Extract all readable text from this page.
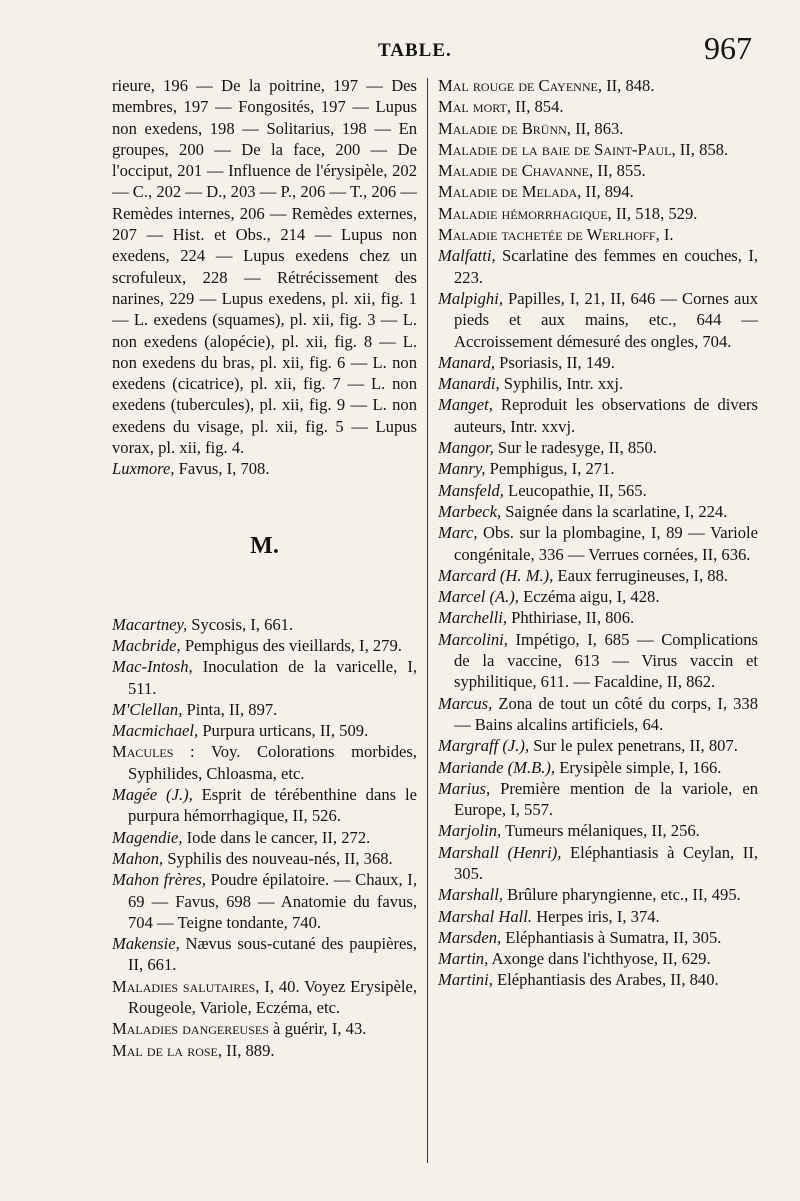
TABLE.	967

rieure, 196 — De la poitrine, 197 — Des membres, 197 — Fongosités, 197 — Lupus non exedens, 198 — Solitarius, 198 — En groupes, 200 — De la face, 200 — De l'occiput, 201 — Influence de l'érysipèle, 202 — C., 202 — D., 203 — P., 206 — T., 206 — Remèdes internes, 206 — Remèdes externes, 207 — Hist. et Obs., 214 — Lupus non exedens, 224 — Lupus exedens chez un scrofuleux, 228 — Rétrécissement des narines, 229 — Lupus exedens, pl. xii, fig. 1 — L. exedens (squames), pl. xii, fig. 3 — L. non exedens (alopécie), pl. xii, fig. 8 — L. non exedens du bras, pl. xii, fig. 6 — L. non exedens (cicatrice), pl. xii, fig. 7 — L. non exedens (tubercules), pl. xii, fig. 9 — L. non exedens du visage, pl. xii, fig. 5 — Lupus vorax, pl. xii, fig. 4.

Luxmore, Favus, I, 708.

M.

Macartney, Sycosis, I, 661.

Macbride, Pemphigus des vieillards, I, 279.

Mac-Intosh, Inoculation de la varicelle, I, 511.

M'Clellan, Pinta, II, 897.

Macmichael, Purpura urticans, II, 509.

Macules : Voy. Colorations morbides, Syphilides, Chloasma, etc.

Magée (J.), Esprit de térébenthine dans le purpura hémorrhagique, II, 526.

Magendie, Iode dans le cancer, II, 272.

Mahon, Syphilis des nouveau-nés, II, 368.

Mahon frères, Poudre épilatoire. — Chaux, I, 69 — Favus, 698 — Anatomie du favus, 704 — Teigne tondante, 740.

Makensie, Nævus sous-cutané des paupières, II, 661.

Maladies salutaires, I, 40. Voyez Erysipèle, Rougeole, Variole, Eczéma, etc.

Maladies dangereuses à guérir, I, 43.

Mal de la rose, II, 889.

Mal rouge de Cayenne, II, 848.

Mal mort, II, 854.

Maladie de Brünn, II, 863.

Maladie de la baie de Saint-Paul, II, 858.

Maladie de Chavanne, II, 855.

Maladie de Melada, II, 894.

Maladie hémorrhagique, II, 518, 529.

Maladie tachetée de Werlhoff, I.

Malfatti, Scarlatine des femmes en couches, I, 223.

Malpighi, Papilles, I, 21, II, 646 — Cornes aux pieds et aux mains, etc., 644 — Accroissement démesuré des ongles, 704.

Manard, Psoriasis, II, 149.

Manardi, Syphilis, Intr. xxj.

Manget, Reproduit les observations de divers auteurs, Intr. xxvj.

Mangor, Sur le radesyge, II, 850.

Manry, Pemphigus, I, 271.

Mansfeld, Leucopathie, II, 565.

Marbeck, Saignée dans la scarlatine, I, 224.

Marc, Obs. sur la plombagine, I, 89 — Variole congénitale, 336 — Verrues cornées, II, 636.

Marcard (H. M.), Eaux ferrugineuses, I, 88.

Marcel (A.), Eczéma aigu, I, 428.

Marchelli, Phthiriase, II, 806.

Marcolini, Impétigo, I, 685 — Complications de la vaccine, 613 — Virus vaccin et syphilitique, 611. — Facaldine, II, 862.

Marcus, Zona de tout un côté du corps, I, 338 — Bains alcalins artificiels, 64.

Margraff (J.), Sur le pulex penetrans, II, 807.

Mariande (M.B.), Erysipèle simple, I, 166.

Marius, Première mention de la variole, en Europe, I, 557.

Marjolin, Tumeurs mélaniques, II, 256.

Marshall (Henri), Eléphantiasis à Ceylan, II, 305.

Marshall, Brûlure pharyngienne, etc., II, 495.

Marshal Hall. Herpes iris, I, 374.

Marsden, Eléphantiasis à Sumatra, II, 305.

Martin, Axonge dans l'ichthyose, II, 629.

Martini, Eléphantiasis des Arabes, II, 840.
